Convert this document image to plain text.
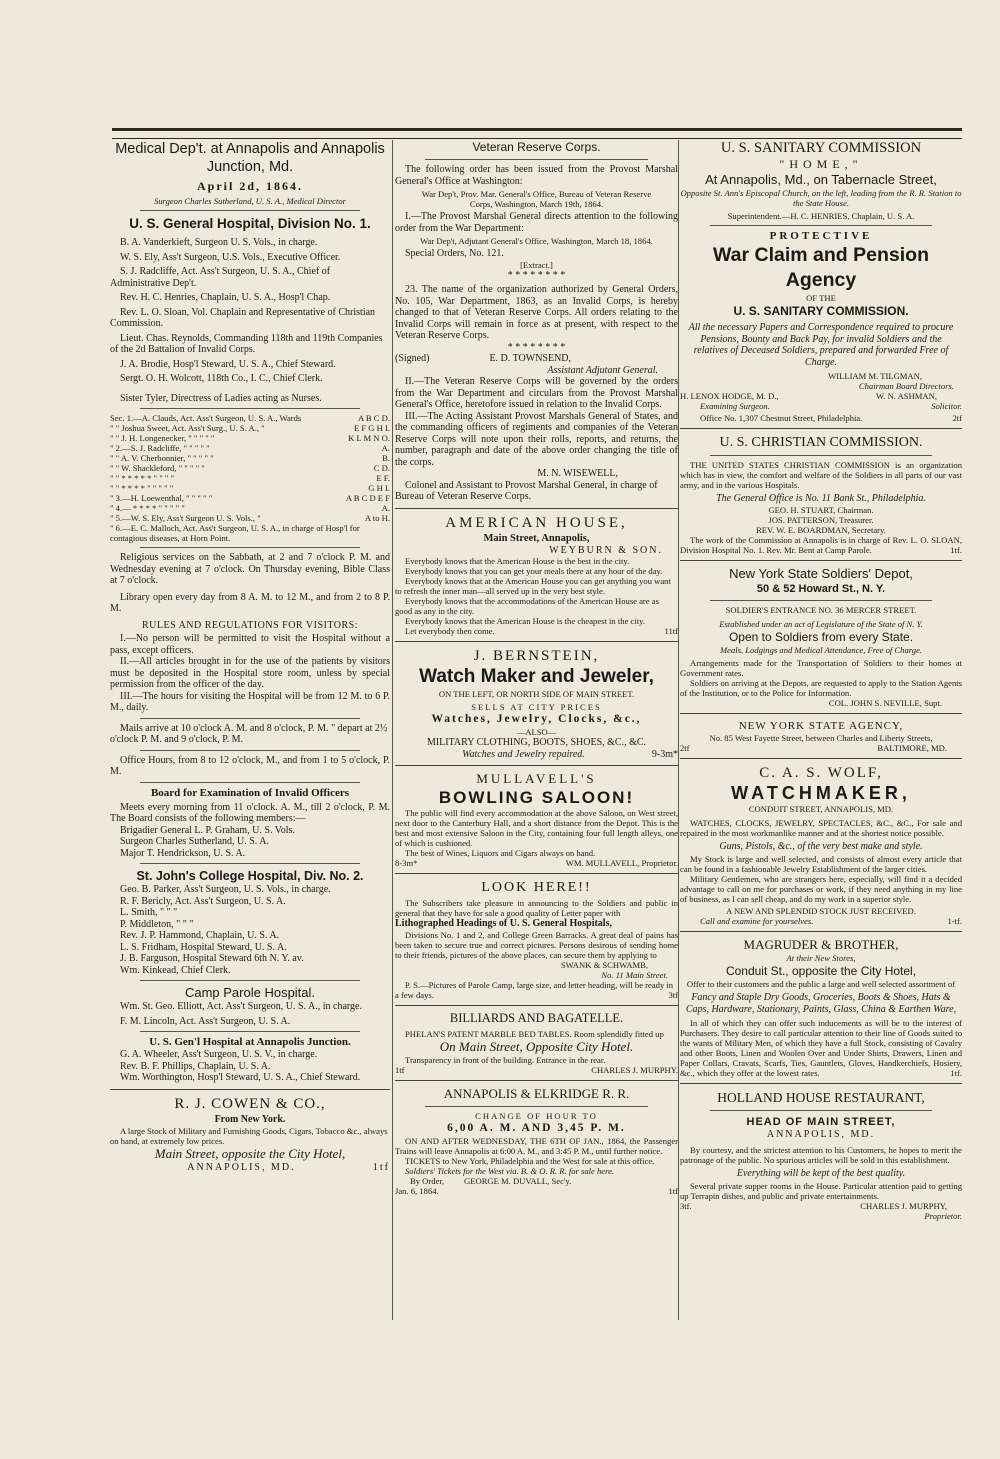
Medical Dep't. at Annapolis and Annapolis Junction, Md.

April 2d, 1864.

Surgeon Charles Sutherland, U. S. A., Medical Director

U. S. General Hospital, Division No. 1.

B. A. Vanderkieft, Surgeon U. S. Vols., in charge.

W. S. Ely, Ass't Surgeon, U.S. Vols., Executive Officer.

S. J. Radcliffe, Act. Ass't Surgeon, U. S. A., Chief of Administrative Dep't.

Rev. H. C. Henries, Chaplain, U. S. A., Hosp'l Chap.

Rev. L. O. Sloan, Vol. Chaplain and Representative of Christian Commission.

Lieut. Chas. Reynolds, Commanding 118th and 119th Companies of the 2d Battalion of Invalid Corps.

J. A. Brodie, Hosp'l Steward, U. S. A., Chief Steward.

Sergt. O. H. Wolcott, 118th Co., I. C., Chief Clerk.

Sister Tyler, Directress of Ladies acting as Nurses.

Sec. 1.—A. Clauds, Act. Ass't Surgeon, U. S. A., Wards	A B C D.
" " Joshua Sweet, Act. Ass't Surg., U. S. A., "	E F G H I.
" " J. H. Longenecker, " " " " "	K L M N O.
" 2.—S. J. Radcliffe, " " " " "	A.
" " A. V. Cherbonnier, " " " " "	B.
" " W. Shackleford, " " " " "	C D.
" " * * * * * " " " "	E F.
" " * * * * " " " " "	G H I.
" 3.—H. Loewenthal, " " " " "	A B C D E F
" 4.— * * * * " " " " "	A.
" 5.—W. S. Ely, Ass't Surgeon U. S. Vols., "	A to H.
" 6.—E. C. Malloch, Act. Ass't Surgeon, U. S. A., in charge of Hosp'l for contagious diseases, at Horn Point.	

Religious services on the Sabbath, at 2 and 7 o'clock P. M. and Wednesday evening at 7 o'clock. On Thursday evening, Bible Class at 7 o'clock.

Library open every day from 8 A. M. to 12 M., and from 2 to 8 P. M.

RULES AND REGULATIONS FOR VISITORS:

I.—No person will be permitted to visit the Hospital without a pass, except officers.

II.—All articles brought in for the use of the patients by visitors must be deposited in the Hospital store room, unless by special permission from the officer of the day.

III.—The hours for visiting the Hospital will be from 12 M. to 6 P. M., daily.

Mails arrive at 10 o'clock A. M. and 8 o'clock, P. M. " depart at 2½ o'clock P. M. and 9 o'clock, P. M.

Office Hours, from 8 to 12 o'clock, M., and from 1 to 5 o'clock, P. M.

Board for Examination of Invalid Officers

Meets every morning from 11 o'clock. A. M., till 2 o'clock, P. M. The Board consists of the following members:—

Brigadier General L. P. Graham, U. S. Vols.

Surgeon Charles Sutherland, U. S. A.

Major T. Hendrickson, U. S. A.

St. John's College Hospital, Div. No. 2.

Geo. B. Parker, Ass't Surgeon, U. S. Vols., in charge.

R. F. Bericly, Act. Ass't Surgeon, U. S. A.

L. Smith, " " "

P. Middleton, " " "

Rev. J. P. Hammond, Chaplain, U. S. A.

L. S. Fridham, Hospital Steward, U. S. A.

J. B. Farguson, Hospital Steward 6th N. Y. av.

Wm. Kinkead, Chief Clerk.

Camp Parole Hospital.

Wm. St. Geo. Elliott, Act. Ass't Surgeon, U. S. A., in charge.

F. M. Lincoln, Act. Ass't Surgeon, U. S. A.

U. S. Gen'l Hospital at Annapolis Junction.

G. A. Wheeler, Ass't Surgeon, U. S. V., in charge.

Rev. B. F. Phillips, Chaplain, U. S. A.

Wm. Worthington, Hosp'l Steward, U. S. A., Chief Steward.

R. J. COWEN & CO.,

From New York.

A large Stock of Military and Furnishing Goods, Cigars, Tobacco &c., always on hand, at extremely low prices.

Main Street, opposite the City Hotel,

ANNAPOLIS, MD.	1tf

Veteran Reserve Corps.

The following order has been issued from the Provost Marshal General's Office at Washington:

War Dep't, Prov. Mar. General's Office, Bureau of Veteran Reserve Corps, Washington, March 19th, 1864.

I.—The Provost Marshal General directs attention to the following order from the War Department:

War Dep't, Adjutant General's Office, Washington, March 18, 1864.

Special Orders, No. 121.

[Extract.]

* * * * * * * *

23. The name of the organization authorized by General Orders, No. 105, War Department, 1863, as an Invalid Corps, is hereby changed to that of Veteran Reserve Corps. All orders relating to the Invalid Corps will remain in force as at present, with respect to the Veteran Reserve Corps.

* * * * * * * *

(Signed)	E. D. TOWNSEND,

Assistant Adjutant General.

II.—The Veteran Reserve Corps will be governed by the orders from the War Department and circulars from the Provost Marshal General's Office, heretofore issued in relation to the Invalid Corps.

III.—The Acting Assistant Provost Marshals General of States, and the commanding officers of regiments and companies of the Veteran Reserve Corps will note upon their rolls, reports, and returns, the number, paragraph and date of the above order changing the title of the corps.

M. N. WISEWELL,

Colonel and Assistant to Provost Marshal General, in charge of Bureau of Veteran Reserve Corps.

AMERICAN HOUSE,

Main Street, Annapolis,

WEYBURN & SON.

Everybody knows that the American House is the best in the city.

Everybody knows that you can get your meals there at any hour of the day.

Everybody knows that at the American House you can get anything you want to refresh the inner man—all served up in the very best style.

Everybody knows that the accommodations of the American House are as good as any in the city.

Everybody knows that the American House is the cheapest in the city.

Let everybody then come.	11tf

J. BERNSTEIN,

Watch Maker and Jeweler,

ON THE LEFT, OR NORTH SIDE OF MAIN STREET.

SELLS AT CITY PRICES

Watches, Jewelry, Clocks, &c.,

—ALSO—

MILITARY CLOTHING, BOOTS, SHOES, &C., &C.

Watches and Jewelry repaired.	9-3m*

MULLAVELL'S

BOWLING SALOON!

The public will find every accommodation at the above Saloon, on West street, next door to the Canterbury Hall, and a short distance from the Depot. This is the best and most extensive Saloon in the City, containing four full length alleys, one of which is cushioned.

The best of Wines, Liquors and Cigars always on hand.

8-3m*	WM. MULLAVELL, Proprietor.

LOOK HERE!!

The Subscribers take pleasure in announcing to the Soldiers and public in general that they have for sale a good quality of Letter paper with

Lithographed Headings of U. S. General Hospitals,

Divisions No. 1 and 2, and College Green Barracks. A great deal of pains has been taken to secure true and correct pictures. Persons desirous of sending home to their friends, pictures of the above places, can secure them by applying to

SWANK & SCHWAMB,

No. 11 Main Street.

P. S.—Pictures of Parole Camp, large size, and letter heading, will be ready in a few days.	3tf

BILLIARDS AND BAGATELLE.

PHELAN'S PATENT MARBLE BED TABLES. Room splendidly fitted up

On Main Street, Opposite City Hotel.

Transparency in front of the building. Entrance in the rear.

1tf	CHARLES J. MURPHY.

ANNAPOLIS & ELKRIDGE R. R.

CHANGE OF HOUR TO

6,00 A. M. AND 3,45 P. M.

ON AND AFTER WEDNESDAY, THE 6TH OF JAN., 1864, the Passenger Trains will leave Annapolis at 6:00 A. M., and 3:45 P. M., until further notice.

TICKETS to New York, Philadelphia and the West for sale at this office.

Soldiers' Tickets for the West via. B. & O. R. R. for sale here.

By Order, GEORGE M. DUVALL, Sec'y.

Jan. 6, 1864.	1tf

U. S. SANITARY COMMISSION

"HOME,"

At Annapolis, Md., on Tabernacle Street,

Opposite St. Ann's Episcopal Church, on the left, leading from the R. R. Station to the State House.

Superintendent.—H. C. HENRIES, Chaplain, U. S. A.

PROTECTIVE

War Claim and Pension Agency

OF THE

U. S. SANITARY COMMISSION.

All the necessary Papers and Correspondence required to procure Pensions, Bounty and Back Pay, for invalid Soldiers and the relatives of Deceased Soldiers, prepared and forwarded Free of Charge.

WILLIAM M. TILGMAN,

Chairman Board Directors.

H. LENOX HODGE, M. D.,	W. N. ASHMAN,

Examining Surgeon.	Solicitor.

Office No. 1,307 Chestnut Street, Philadelphia.	2tf

U. S. CHRISTIAN COMMISSION.

THE UNITED STATES CHRISTIAN COMMISSION is an organization which has in view, the comfort and welfare of the Soldiers in all parts of our vast army, and in the various Hospitals.

The General Office is No. 11 Bank St., Philadelphia.

GEO. H. STUART, Chairman.

JOS. PATTERSON, Treasurer.

REV. W. E. BOARDMAN, Secretary.

The work of the Commission at Annapolis is in charge of Rev. L. O. SLOAN, Division Hospital No. 1. Rev. Mr. Bent at Camp Parole.	1tf.

New York State Soldiers' Depot,

50 & 52 Howard St., N. Y.

SOLDIER'S ENTRANCE NO. 36 MERCER STREET.

Established under an act of Legislature of the State of N. Y.

Open to Soldiers from every State.

Meals, Lodgings and Medical Attendance, Free of Charge.

Arrangements made for the Transportation of Soldiers to their homes at Government rates.

Soldiers on arriving at the Depots, are requested to apply to the Station Agents of the Institution, or to the Police for Information.

COL. JOHN S. NEVILLE, Supt.

NEW YORK STATE AGENCY,

No. 85 West Fayette Street, between Charles and Liberty Streets,

2tf	BALTIMORE, MD.

C. A. S. WOLF,

WATCHMAKER,

CONDUIT STREET, ANNAPOLIS, MD.

WATCHES, CLOCKS, JEWELRY, SPECTACLES, &C., &C., For sale and repaired in the most workmanlike manner and at the shortest notice possible.

Guns, Pistols, &c., of the very best make and style.

My Stock is large and well selected, and consists of almost every article that can be found in a fashionable Jewelry Establishment of the larger cities.

Military Gentlemen, who are strangers here, especially, will find it a decided advantage to call on me for purchases or work, if they need anything in my line of business, as I can sell cheap, and do my work in a superior style.

A NEW AND SPLENDID STOCK JUST RECEIVED.

Call and examine for yourselves.	1-tf.

MAGRUDER & BROTHER,

At their New Stores,

Conduit St., opposite the City Hotel,

Offer to their customers and the public a large and well selected assortment of

Fancy and Staple Dry Goods, Groceries, Boots & Shoes, Hats & Caps, Hardware, Stationary, Paints, Glass, China & Earthen Ware,

In all of which they can offer such inducements as will be to the interest of Purchasers. They desire to call particular attention to their line of Goods suited to the wants of Military Men, of which they have a full Stock, consisting of Cavalry and other Boots, Linen and Woolen Over and Under Shirts, Drawers, Linen and Paper Collars, Cravats, Scarfs, Ties, Gauntlets, Gloves, Handkerchiefs, Hosiery, &c., which they offer at the lowest rates.	1tf.

HOLLAND HOUSE RESTAURANT,

HEAD OF MAIN STREET,

ANNAPOLIS, MD.

By courtesy, and the strictest attention to his Customers, he hopes to merit the patronage of the public. No spurious articles will be sold in this establishment.

Everything will be kept of the best quality.

Several private supper rooms in the House. Particular attention paid to getting up Terrapin dishes, and public and private entertainments.

3tf.	CHARLES J. MURPHY,

Proprietor.
